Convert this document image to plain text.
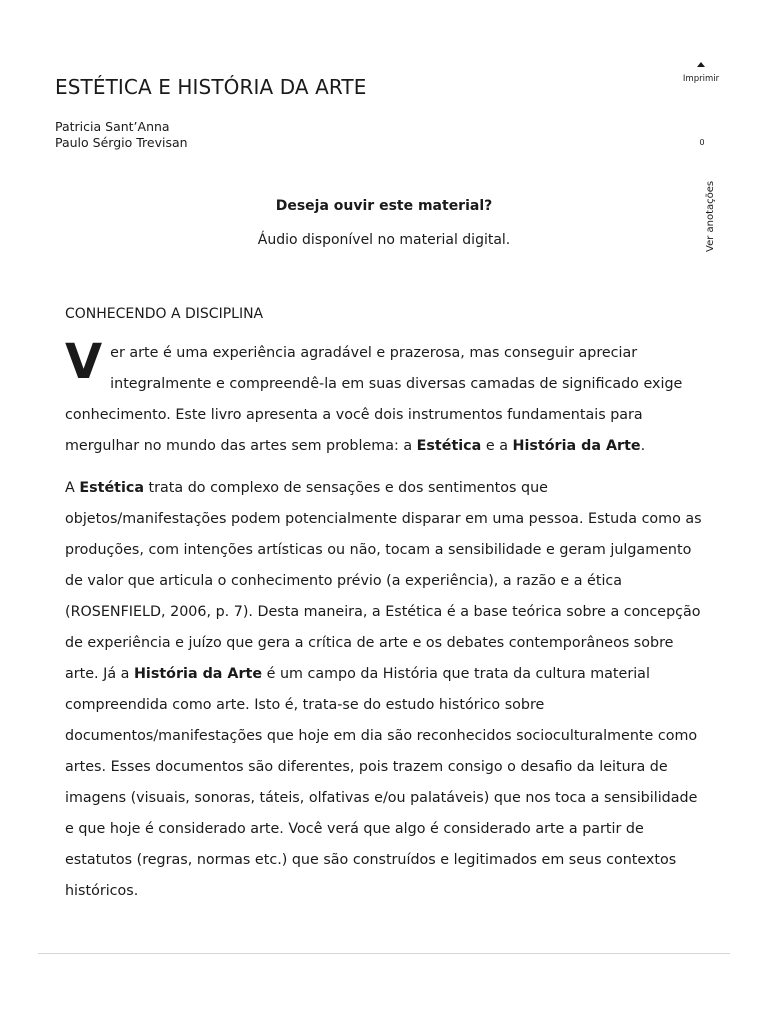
ESTÉTICA E HISTÓRIA DA ARTE
Patricia Sant’Anna
Paulo Sérgio Trevisan
Imprimir
0
Ver anotações
Deseja ouvir este material?
Áudio disponível no material digital.
CONHECENDO A DISCIPLINA

Ver arte é uma experiência agradável e prazerosa, mas conseguir apreciar integralmente e compreendê-la em suas diversas camadas de significado exige conhecimento. Este livro apresenta a você dois instrumentos fundamentais para mergulhar no mundo das artes sem problema: a Estética e a História da Arte.

A Estética trata do complexo de sensações e dos sentimentos que objetos/manifestações podem potencialmente disparar em uma pessoa. Estuda como as produções, com intenções artísticas ou não, tocam a sensibilidade e geram julgamento de valor que articula o conhecimento prévio (a experiência), a razão e a ética (ROSENFIELD, 2006, p. 7). Desta maneira, a Estética é a base teórica sobre a concepção de experiência e juízo que gera a crítica de arte e os debates contemporâneos sobre arte. Já a História da Arte é um campo da História que trata da cultura material compreendida como arte. Isto é, trata-se do estudo histórico sobre documentos/manifestações que hoje em dia são reconhecidos socioculturalmente como artes. Esses documentos são diferentes, pois trazem consigo o desafio da leitura de imagens (visuais, sonoras, táteis, olfativas e/ou palatáveis) que nos toca a sensibilidade e que hoje é considerado arte. Você verá que algo é considerado arte a partir de estatutos (regras, normas etc.) que são construídos e legitimados em seus contextos históricos.
